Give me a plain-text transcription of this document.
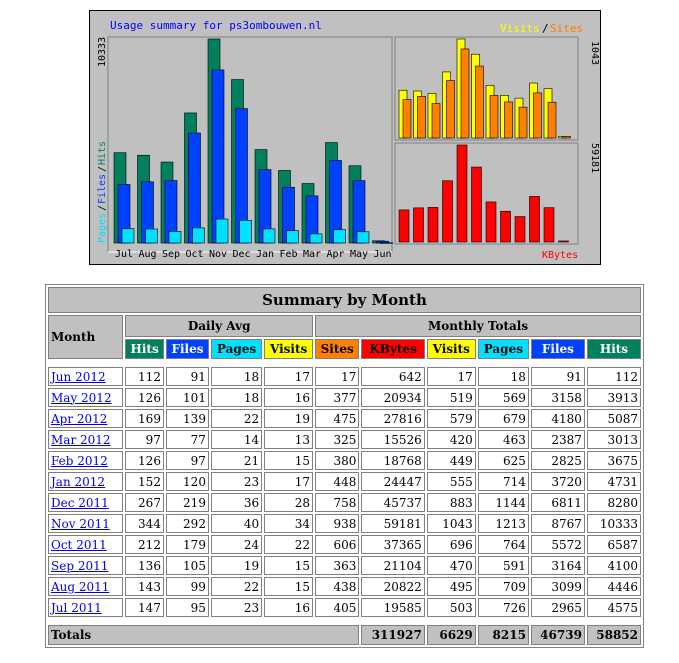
Usage summary for ps3ombouwen.nl	Visits / Sites
Pages
/
Files
/
Hits
10333	1043
59181
KBytes
Jul Aug Sep Oct Nov Dec Jan Feb Mar Apr May Jun
Summary by Month										
Month	Daily Avg				Monthly Totals					
	Hits	Files	Pages	Visits	Sites	KBytes	Visits	Pages	Files	Hits

Jun 2012	112	91	18	17	17	642	17	18	91	112
May 2012	126	101	18	16	377	20934	519	569	3158	3913
Apr 2012	169	139	22	19	475	27816	579	679	4180	5087
Mar 2012	97	77	14	13	325	15526	420	463	2387	3013
Feb 2012	126	97	21	15	380	18768	449	625	2825	3675
Jan 2012	152	120	23	17	448	24447	555	714	3720	4731
Dec 2011	267	219	36	28	758	45737	883	1144	6811	8280
Nov 2011	344	292	40	34	938	59181	1043	1213	8767	10333
Oct 2011	212	179	24	22	606	37365	696	764	5572	6587
Sep 2011	136	105	19	15	363	21104	470	591	3164	4100
Aug 2011	143	99	22	15	438	20822	495	709	3099	4446
Jul 2011	147	95	23	16	405	19585	503	726	2965	4575

Totals						311927	6629	8215	46739	58852
